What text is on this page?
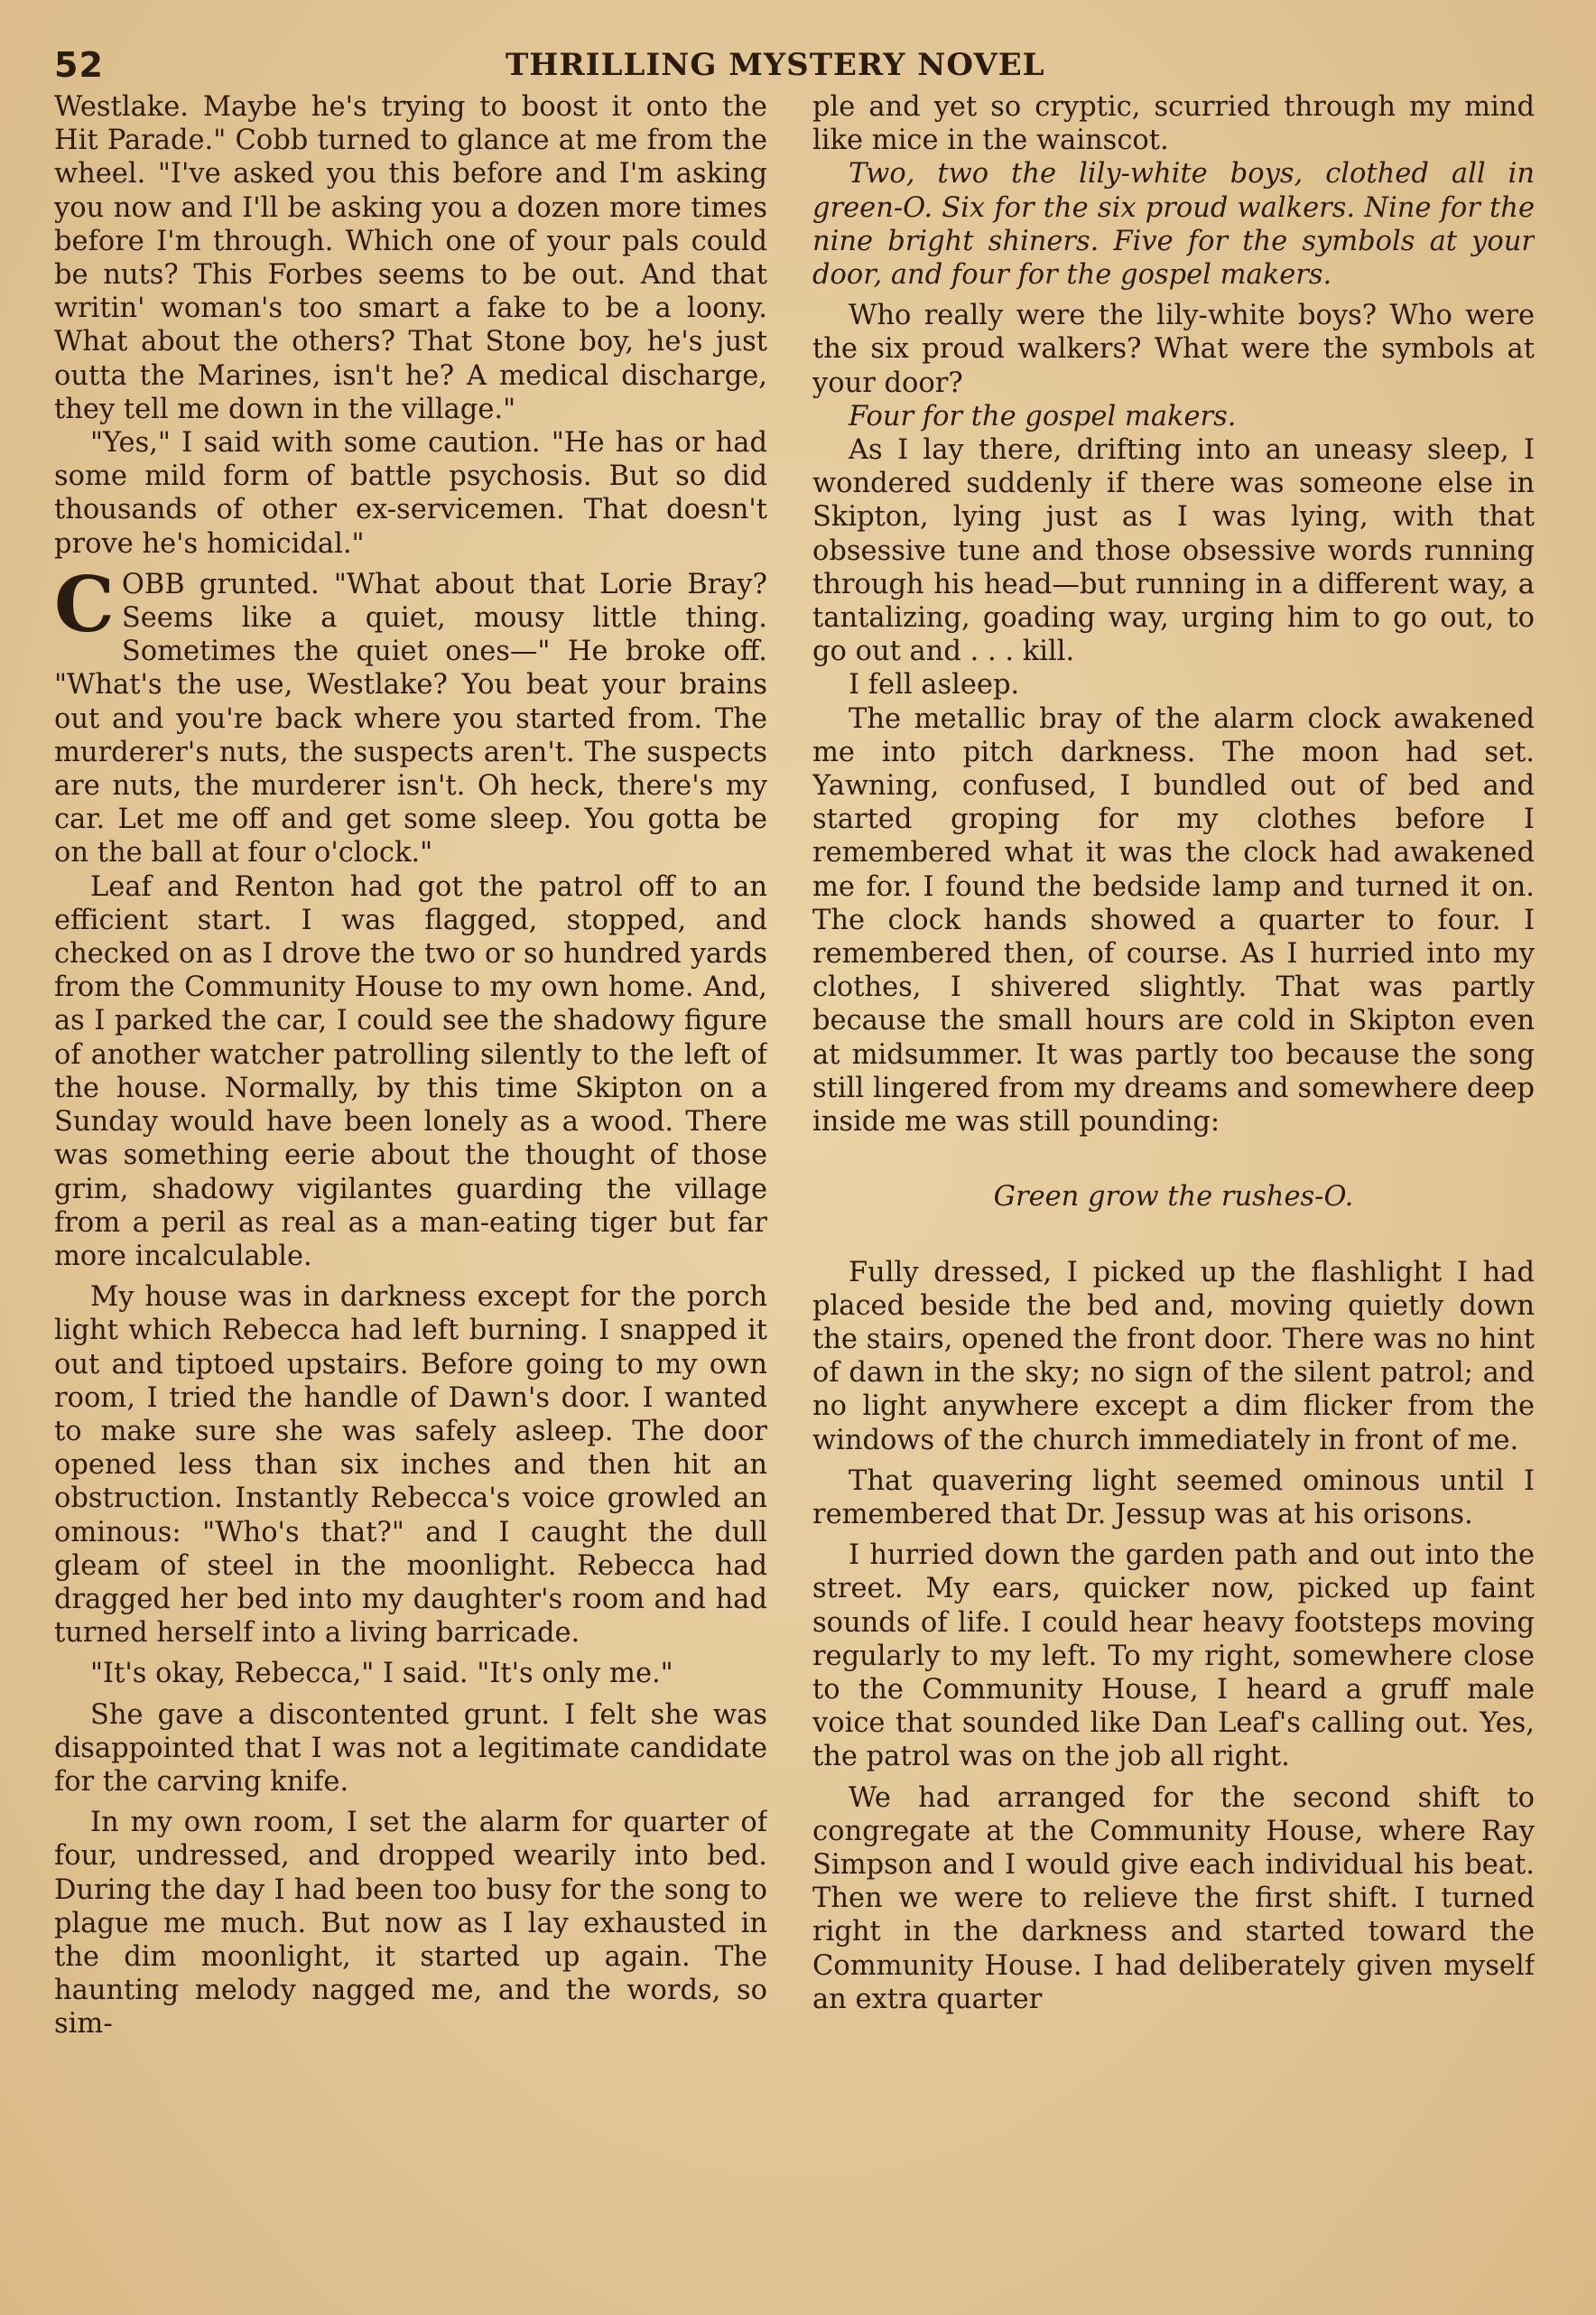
52	THRILLING MYSTERY NOVEL

Westlake. Maybe he's trying to boost it onto the Hit Parade." Cobb turned to glance at me from the wheel. "I've asked you this before and I'm asking you now and I'll be asking you a dozen more times before I'm through. Which one of your pals could be nuts? This Forbes seems to be out. And that writin' woman's too smart a fake to be a loony. What about the others? That Stone boy, he's just outta the Marines, isn't he? A medical discharge, they tell me down in the village."

"Yes," I said with some caution. "He has or had some mild form of battle psychosis. But so did thousands of other ex-servicemen. That doesn't prove he's homicidal."

COBB grunted. "What about that Lorie Bray? Seems like a quiet, mousy little thing. Sometimes the quiet ones—" He broke off. "What's the use, Westlake? You beat your brains out and you're back where you started from. The murderer's nuts, the suspects aren't. The suspects are nuts, the murderer isn't. Oh heck, there's my car. Let me off and get some sleep. You gotta be on the ball at four o'clock."

Leaf and Renton had got the patrol off to an efficient start. I was flagged, stopped, and checked on as I drove the two or so hundred yards from the Community House to my own home. And, as I parked the car, I could see the shadowy figure of another watcher patrolling silently to the left of the house. Normally, by this time Skipton on a Sunday would have been lonely as a wood. There was something eerie about the thought of those grim, shadowy vigilantes guarding the village from a peril as real as a man-eating tiger but far more incalculable.

My house was in darkness except for the porch light which Rebecca had left burning. I snapped it out and tiptoed upstairs. Before going to my own room, I tried the handle of Dawn's door. I wanted to make sure she was safely asleep. The door opened less than six inches and then hit an obstruction. Instantly Rebecca's voice growled an ominous: "Who's that?" and I caught the dull gleam of steel in the moonlight. Rebecca had dragged her bed into my daughter's room and had turned herself into a living barricade.

"It's okay, Rebecca," I said. "It's only me."

She gave a discontented grunt. I felt she was disappointed that I was not a legitimate candidate for the carving knife.

In my own room, I set the alarm for quarter of four, undressed, and dropped wearily into bed. During the day I had been too busy for the song to plague me much. But now as I lay exhausted in the dim moonlight, it started up again. The haunting melody nagged me, and the words, so sim-

ple and yet so cryptic, scurried through my mind like mice in the wainscot.

Two, two the lily-white boys, clothed all in green-O. Six for the six proud walkers. Nine for the nine bright shiners. Five for the symbols at your door, and four for the gospel makers.

Who really were the lily-white boys? Who were the six proud walkers? What were the symbols at your door?

Four for the gospel makers.

As I lay there, drifting into an uneasy sleep, I wondered suddenly if there was someone else in Skipton, lying just as I was lying, with that obsessive tune and those obsessive words running through his head—but running in a different way, a tantalizing, goading way, urging him to go out, to go out and . . . kill.

I fell asleep.

The metallic bray of the alarm clock awakened me into pitch darkness. The moon had set. Yawning, confused, I bundled out of bed and started groping for my clothes before I remembered what it was the clock had awakened me for. I found the bedside lamp and turned it on. The clock hands showed a quarter to four. I remembered then, of course. As I hurried into my clothes, I shivered slightly. That was partly because the small hours are cold in Skipton even at midsummer. It was partly too because the song still lingered from my dreams and somewhere deep inside me was still pounding:

Green grow the rushes-O.

Fully dressed, I picked up the flashlight I had placed beside the bed and, moving quietly down the stairs, opened the front door. There was no hint of dawn in the sky; no sign of the silent patrol; and no light anywhere except a dim flicker from the windows of the church immediately in front of me.

That quavering light seemed ominous until I remembered that Dr. Jessup was at his orisons.

I hurried down the garden path and out into the street. My ears, quicker now, picked up faint sounds of life. I could hear heavy footsteps moving regularly to my left. To my right, somewhere close to the Community House, I heard a gruff male voice that sounded like Dan Leaf's calling out. Yes, the patrol was on the job all right.

We had arranged for the second shift to congregate at the Community House, where Ray Simpson and I would give each individual his beat. Then we were to relieve the first shift. I turned right in the darkness and started toward the Community House. I had deliberately given myself an extra quarter
